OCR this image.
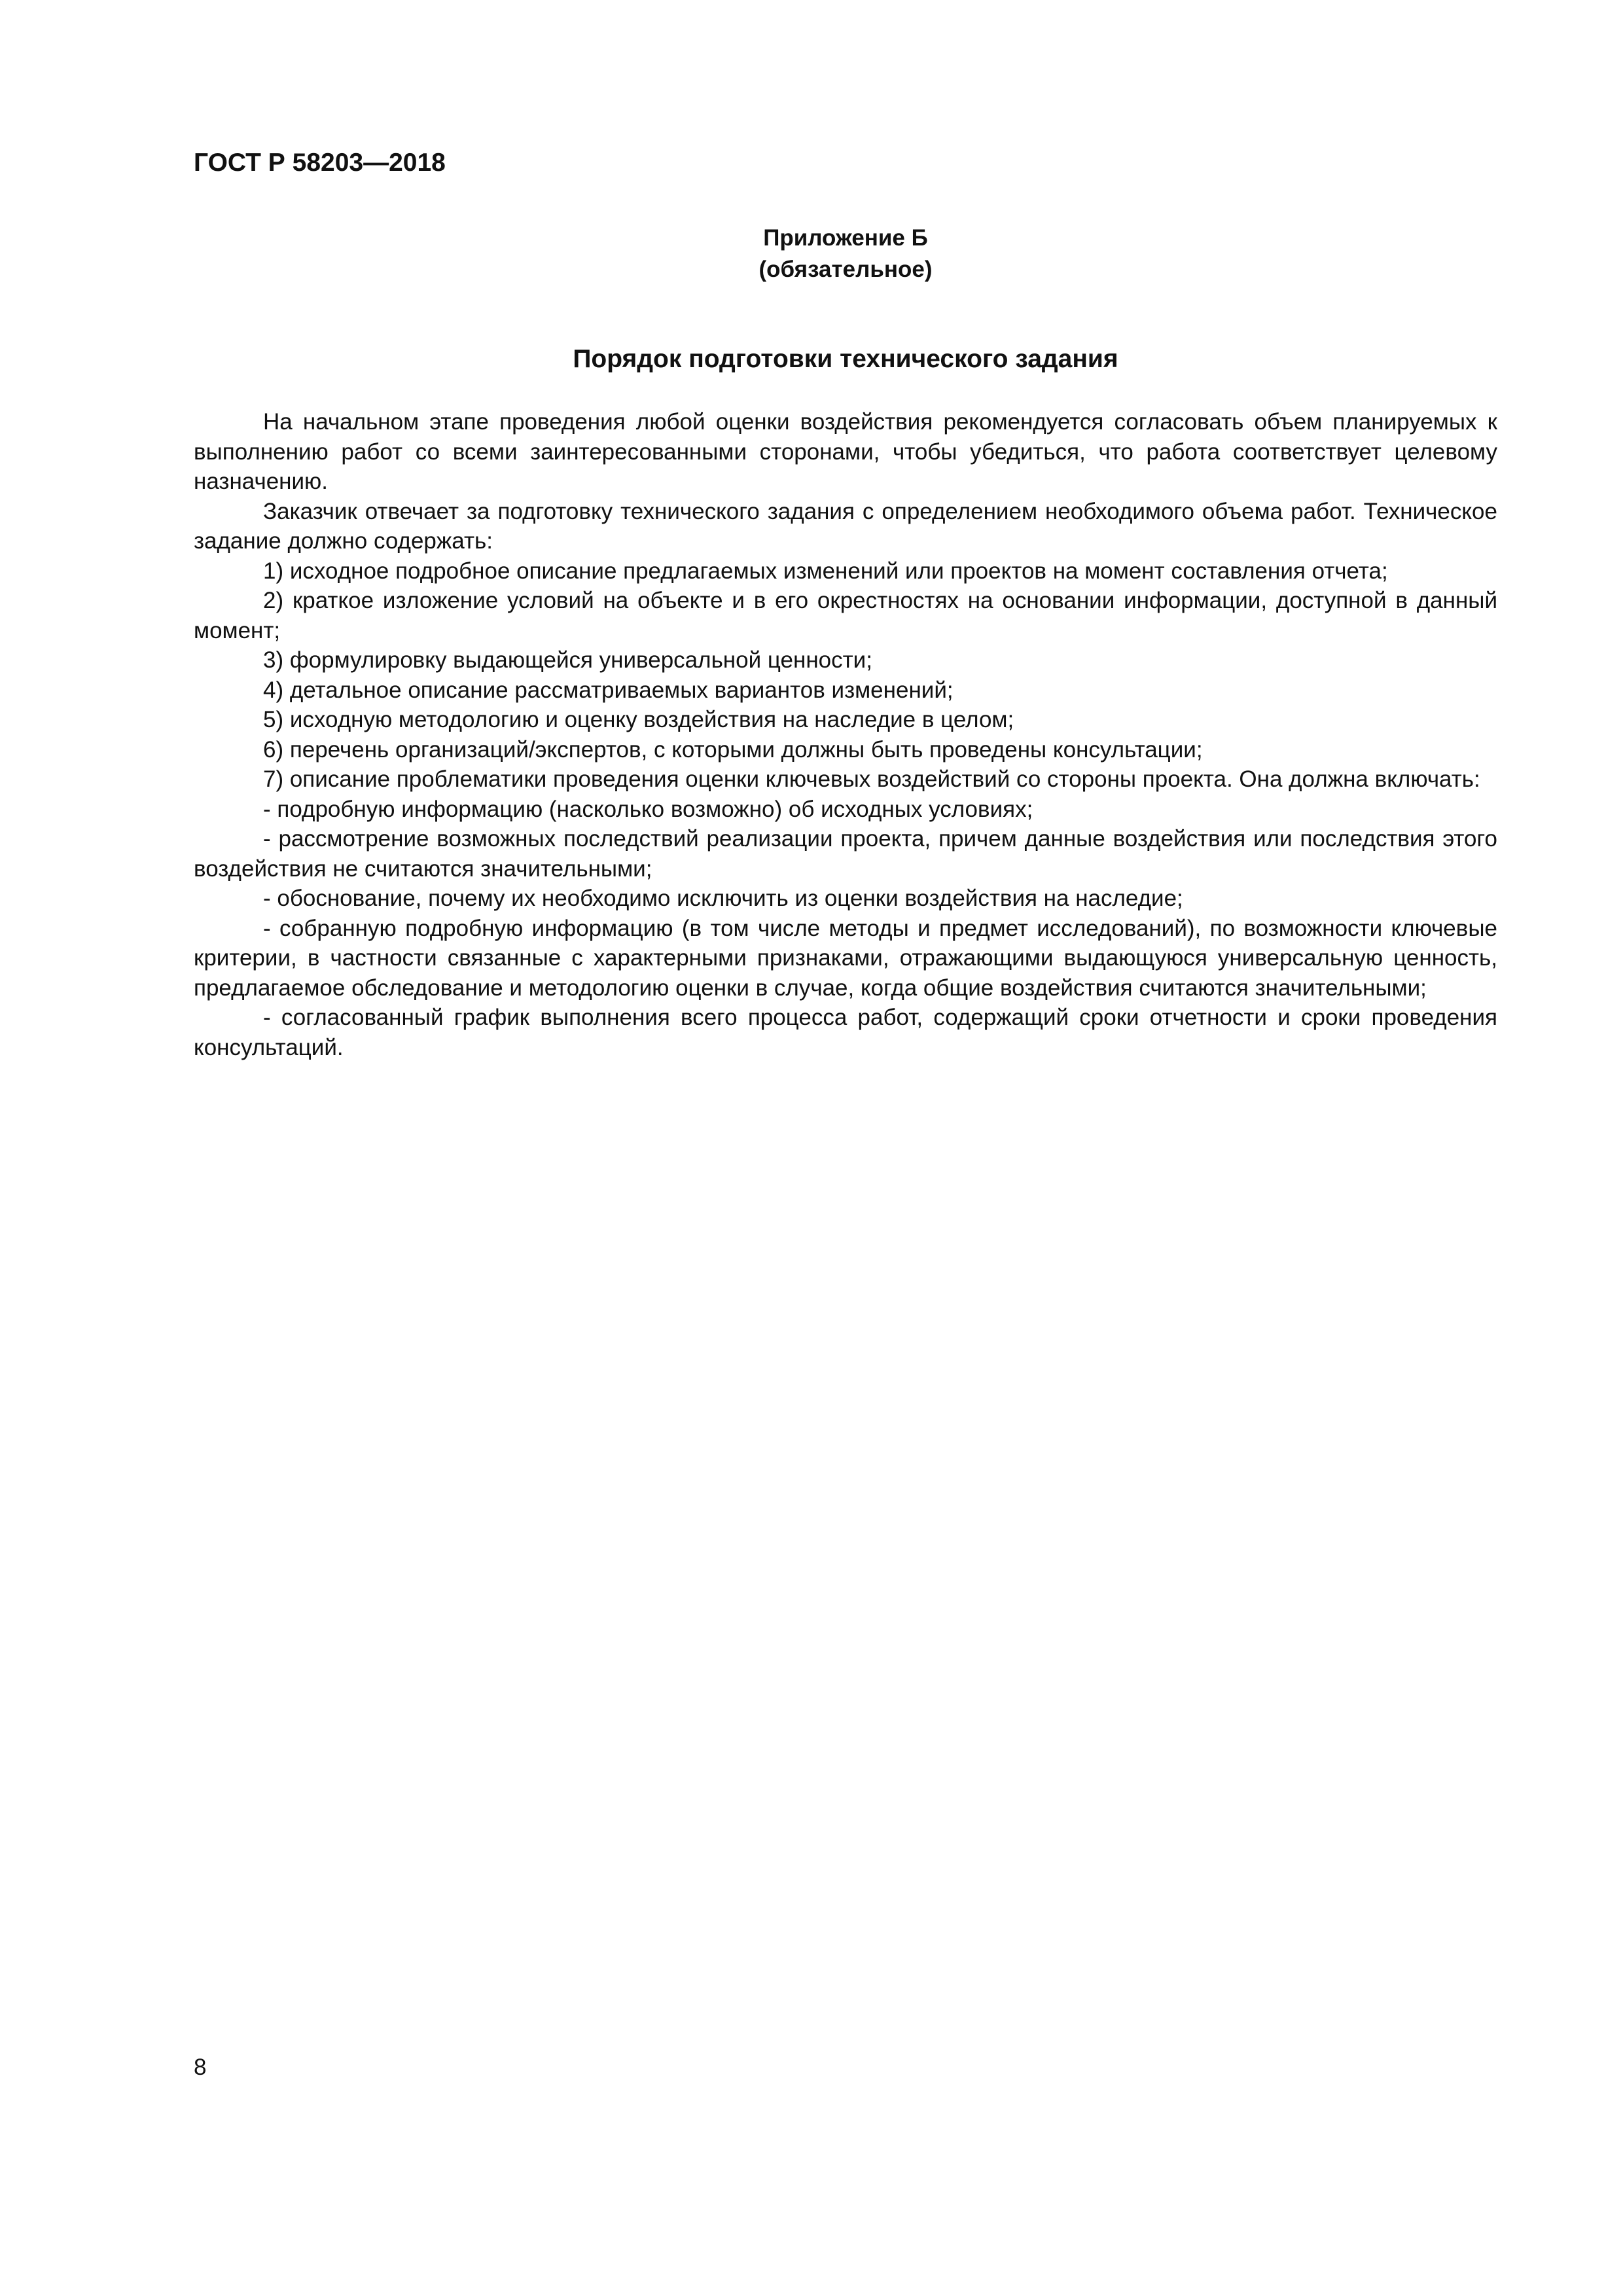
ГОСТ Р 58203—2018
Приложение Б
(обязательное)
Порядок подготовки технического задания

На начальном этапе проведения любой оценки воздействия рекомендуется согласовать объем планируемых к выполнению работ со всеми заинтересованными сторонами, чтобы убедиться, что работа соответствует целевому назначению.

Заказчик отвечает за подготовку технического задания с определением необходимого объема работ. Техническое задание должно содержать:

1) исходное подробное описание предлагаемых изменений или проектов на момент составления отчета;

2) краткое изложение условий на объекте и в его окрестностях на основании информации, доступной в данный момент;

3) формулировку выдающейся универсальной ценности;

4) детальное описание рассматриваемых вариантов изменений;

5) исходную методологию и оценку воздействия на наследие в целом;

6) перечень организаций/экспертов, с которыми должны быть проведены консультации;

7) описание проблематики проведения оценки ключевых воздействий со стороны проекта. Она должна включать:

- подробную информацию (насколько возможно) об исходных условиях;

- рассмотрение возможных последствий реализации проекта, причем данные воздействия или последствия этого воздействия не считаются значительными;

- обоснование, почему их необходимо исключить из оценки воздействия на наследие;

- собранную подробную информацию (в том числе методы и предмет исследований), по возможности ключевые критерии, в частности связанные с характерными признаками, отражающими выдающуюся универсальную ценность, предлагаемое обследование и методологию оценки в случае, когда общие воздействия считаются значительными;

- согласованный график выполнения всего процесса работ, содержащий сроки отчетности и сроки проведения консультаций.

8
